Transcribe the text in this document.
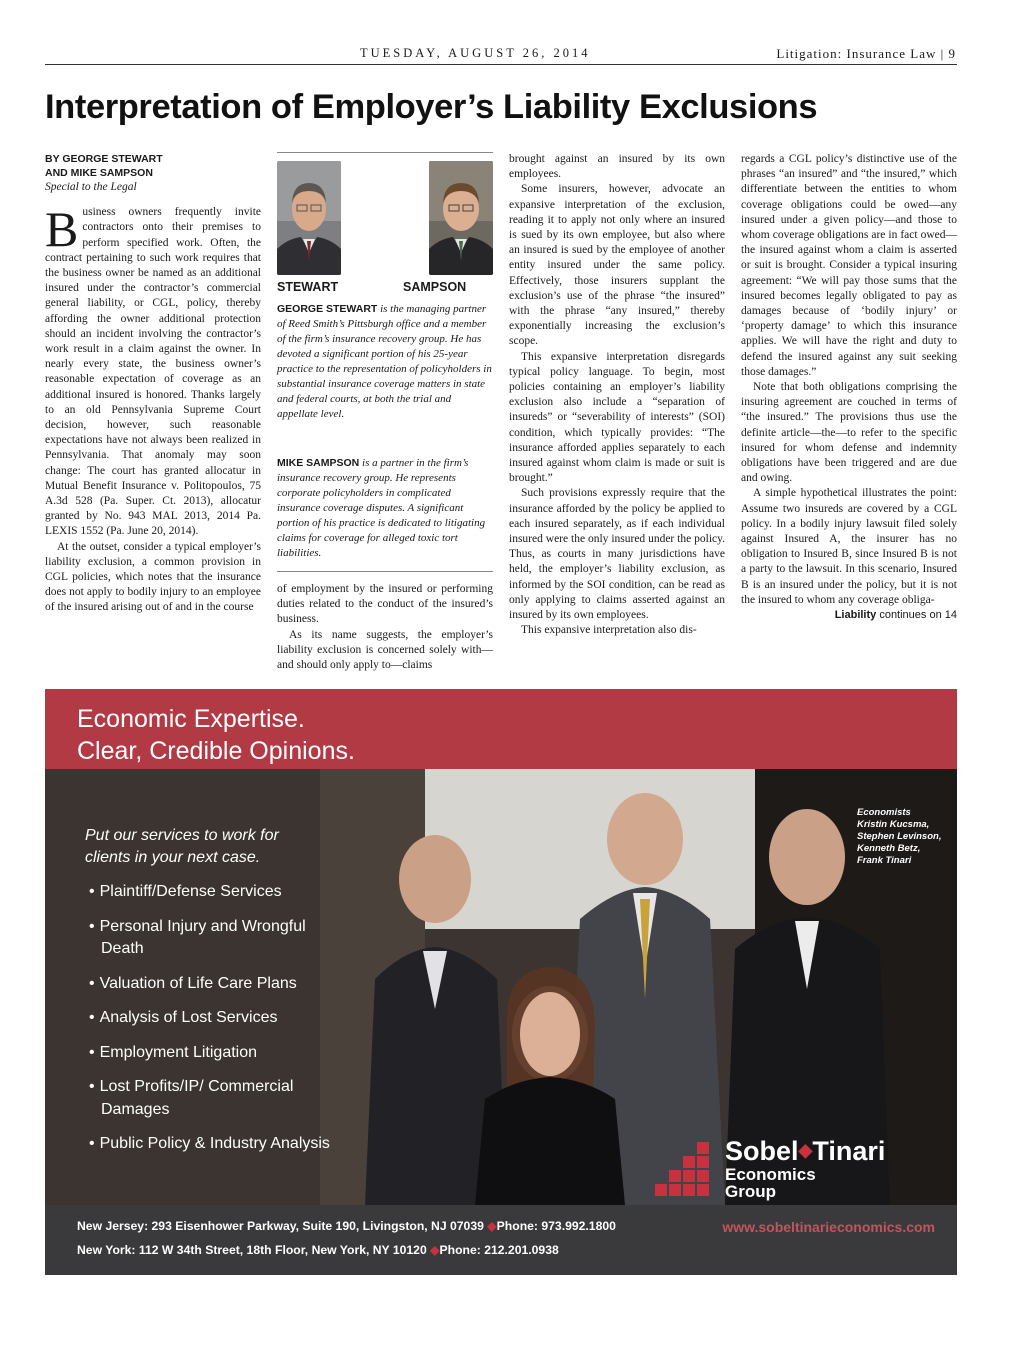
TUESDAY, AUGUST 26, 2014	Litigation: Insurance Law | 9
Interpretation of Employer’s Liability Exclusions
BY GEORGE STEWART
AND MIKE SAMPSON
Special to the Legal

Business owners frequently invite contractors onto their premises to perform specified work. Often, the contract pertaining to such work requires that the business owner be named as an additional insured under the contractor’s commercial general liability, or CGL, policy, thereby affording the owner additional protection should an incident involving the contractor’s work result in a claim against the owner. In nearly every state, the business owner’s reasonable expectation of coverage as an additional insured is honored. Thanks largely to an old Pennsylvania Supreme Court decision, however, such reasonable expectations have not always been realized in Pennsylvania. That anomaly may soon change: The court has granted allocatur in Mutual Benefit Insurance v. Politopoulos, 75 A.3d 528 (Pa. Super. Ct. 2013), allocatur granted by No. 943 MAL 2013, 2014 Pa. LEXIS 1552 (Pa. June 20, 2014).

At the outset, consider a typical employer’s liability exclusion, a common provision in CGL policies, which notes that the insurance does not apply to bodily injury to an employee of the insured arising out of and in the course

STEWART	SAMPSON
GEORGE STEWART is the managing partner of Reed Smith’s Pittsburgh office and a member of the firm’s insurance recovery group. He has devoted a significant portion of his 25-year practice to the representation of policyholders in substantial insurance coverage matters in state and federal courts, at both the trial and appellate level.
MIKE SAMPSON is a partner in the firm’s insurance recovery group. He represents corporate policyholders in complicated insurance coverage disputes. A significant portion of his practice is dedicated to litigating claims for coverage for alleged toxic tort liabilities.

of employment by the insured or performing duties related to the conduct of the insured’s business.

As its name suggests, the employer’s liability exclusion is concerned solely with—and should only apply to—claims

brought against an insured by its own employees.

Some insurers, however, advocate an expansive interpretation of the exclusion, reading it to apply not only where an insured is sued by its own employee, but also where an insured is sued by the employee of another entity insured under the same policy. Effectively, those insurers supplant the exclusion’s use of the phrase “the insured” with the phrase “any insured,” thereby exponentially increasing the exclusion’s scope.

This expansive interpretation disregards typical policy language. To begin, most policies containing an employer’s liability exclusion also include a “separation of insureds” or “severability of interests” (SOI) condition, which typically provides: “The insurance afforded applies separately to each insured against whom claim is made or suit is brought.”

Such provisions expressly require that the insurance afforded by the policy be applied to each insured separately, as if each individual insured were the only insured under the policy. Thus, as courts in many jurisdictions have held, the employer’s liability exclusion, as informed by the SOI condition, can be read as only applying to claims asserted against an insured by its own employees.

This expansive interpretation also dis-

regards a CGL policy’s distinctive use of the phrases “an insured” and “the insured,” which differentiate between the entities to whom coverage obligations could be owed—any insured under a given policy—and those to whom coverage obligations are in fact owed—the insured against whom a claim is asserted or suit is brought. Consider a typical insuring agreement: “We will pay those sums that the insured becomes legally obligated to pay as damages because of ‘bodily injury’ or ‘property damage’ to which this insurance applies. We will have the right and duty to defend the insured against any suit seeking those damages.”

Note that both obligations comprising the insuring agreement are couched in terms of “the insured.” The provisions thus use the definite article—the—to refer to the specific insured for whom defense and indemnity obligations have been triggered and are due and owing.

A simple hypothetical illustrates the point: Assume two insureds are covered by a CGL policy. In a bodily injury lawsuit filed solely against Insured A, the insurer has no obligation to Insured B, since Insured B is not a party to the lawsuit. In this scenario, Insured B is an insured under the policy, but it is not the insured to whom any coverage obliga-

Liability continues on 14
Economic Expertise.
Clear, Credible Opinions.
Put our services to work for
clients in your next case.
• Plaintiff/Defense Services
• Personal Injury and Wrongful Death
• Valuation of Life Care Plans
• Analysis of Lost Services
• Employment Litigation
• Lost Profits/IP/ Commercial Damages
• Public Policy & Industry Analysis
Economists
Kristin Kucsma,
Stephen Levinson,
Kenneth Betz,
Frank Tinari
Sobel◆Tinari
Economics
Group
New Jersey: 293 Eisenhower Parkway, Suite 190, Livingston, NJ 07039 ◆Phone: 973.992.1800
New York: 112 W 34th Street, 18th Floor, New York, NY 10120 ◆Phone: 212.201.0938
www.sobeltinarieconomics.com
